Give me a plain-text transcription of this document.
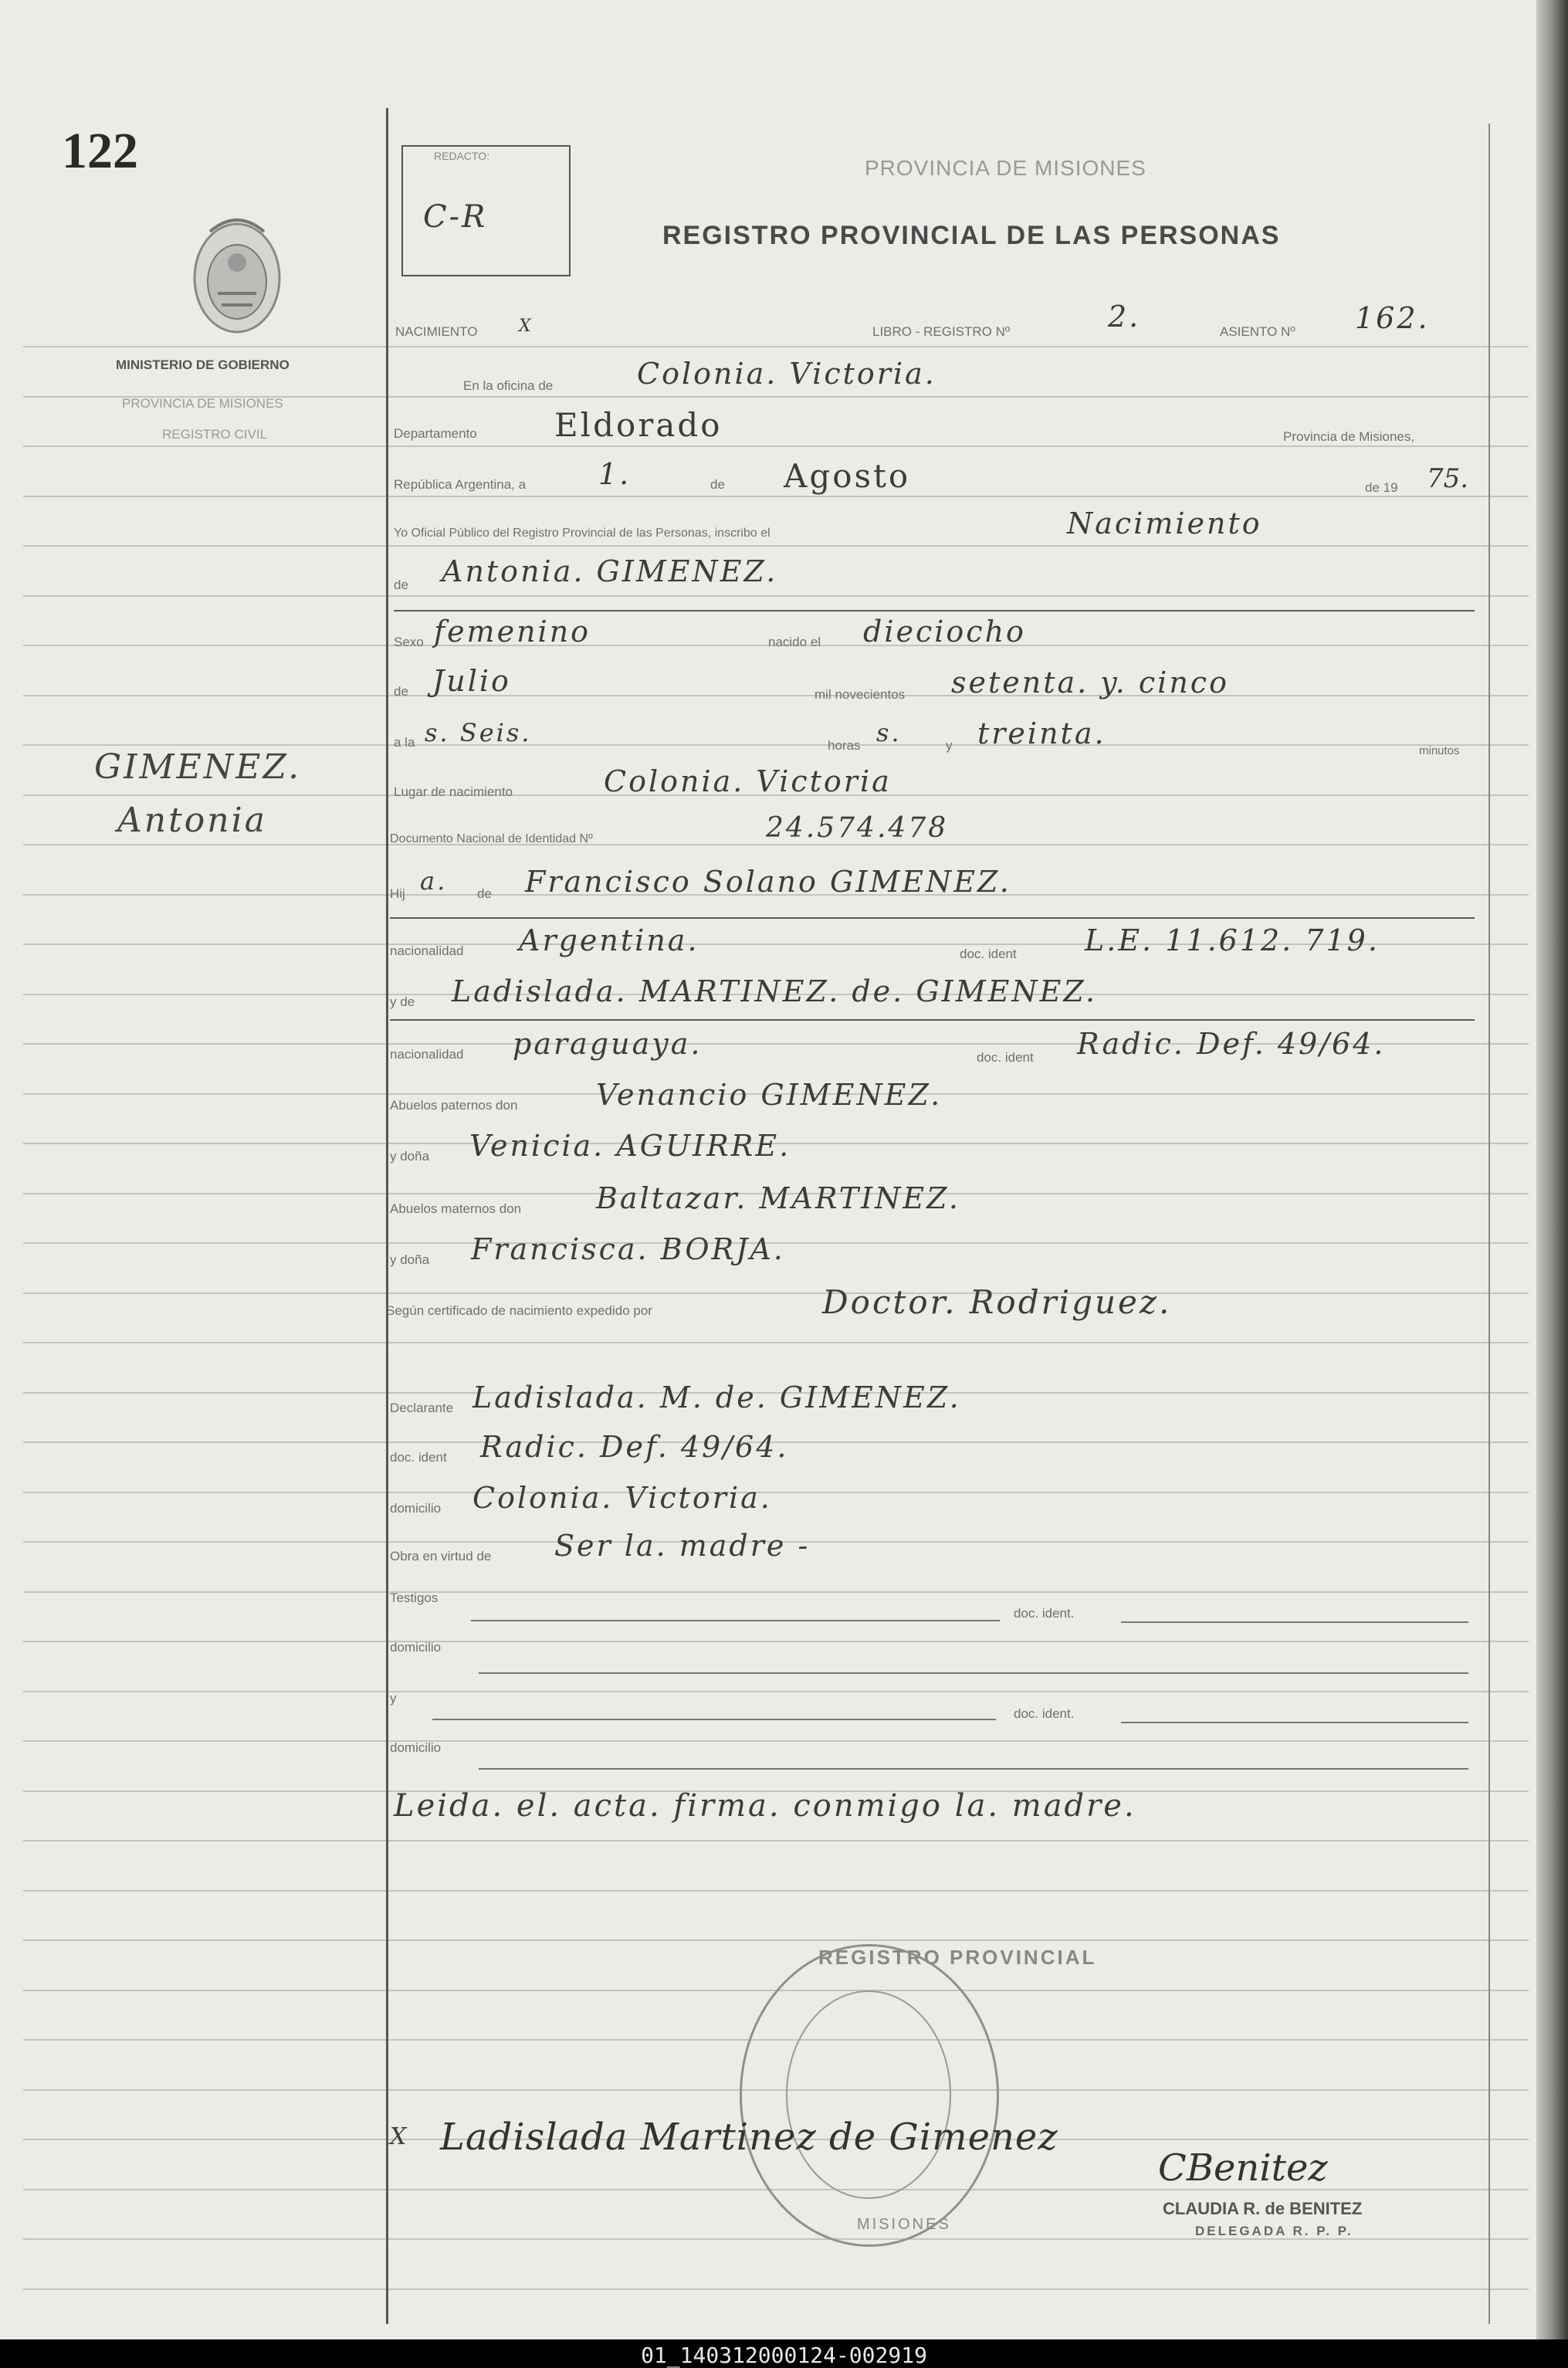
122	REDACTO:
C-R
PROVINCIA DE MISIONES
REGISTRO PROVINCIAL DE LAS PERSONAS
MINISTERIO DE GOBIERNO
PROVINCIA DE MISIONES
REGISTRO CIVIL
GIMENEZ.
Antonia
NACIMIENTO X	LIBRO - REGISTRO Nº	2.	ASIENTO Nº 162.
En la oficina de	Colonia. Victoria.
Departamento Eldorado	Provincia de Misiones,
República Argentina, a 1.	de Agosto	de 19 75.
Yo Oficial Público del Registro Provincial de las Personas, inscribo el	Nacimiento
de Antonia. GIMENEZ.
Sexo femenino	nacido el dieciocho
de Julio	mil novecientos setenta. y. cinco
a la s. Seis.	horas s.	y treinta.
minutos
Lugar de nacimiento	Colonia. Victoria
Documento Nacional de Identidad Nº	24.574.478
Hij a. de Francisco Solano GIMENEZ.
nacionalidad Argentina.	doc. ident L.E. 11.612. 719.
y de Ladislada. MARTINEZ. de. GIMENEZ.
nacionalidad paraguaya.	doc. ident Radic. Def. 49/64.
Abuelos paternos don	Venancio GIMENEZ.
y doña Venicia. AGUIRRE.
Abuelos maternos don	Baltazar. MARTINEZ.
y doña Francisca. BORJA.
Según certificado de nacimiento expedido por	Doctor. Rodriguez.
Declarante Ladislada. M. de. GIMENEZ.
doc. ident Radic. Def. 49/64.
domicilio Colonia. Victoria.
Obra en virtud de Ser la. madre -
Testigos
doc. ident.
domicilio
y
doc. ident.
domicilio
Leida. el. acta. firma. conmigo la. madre.
REGISTRO PROVINCIAL
MISIONES
X Ladislada Martinez de Gimenez
CBenitez
CLAUDIA R. de BENITEZ
DELEGADA R. P. P.
01_140312000124-002919
